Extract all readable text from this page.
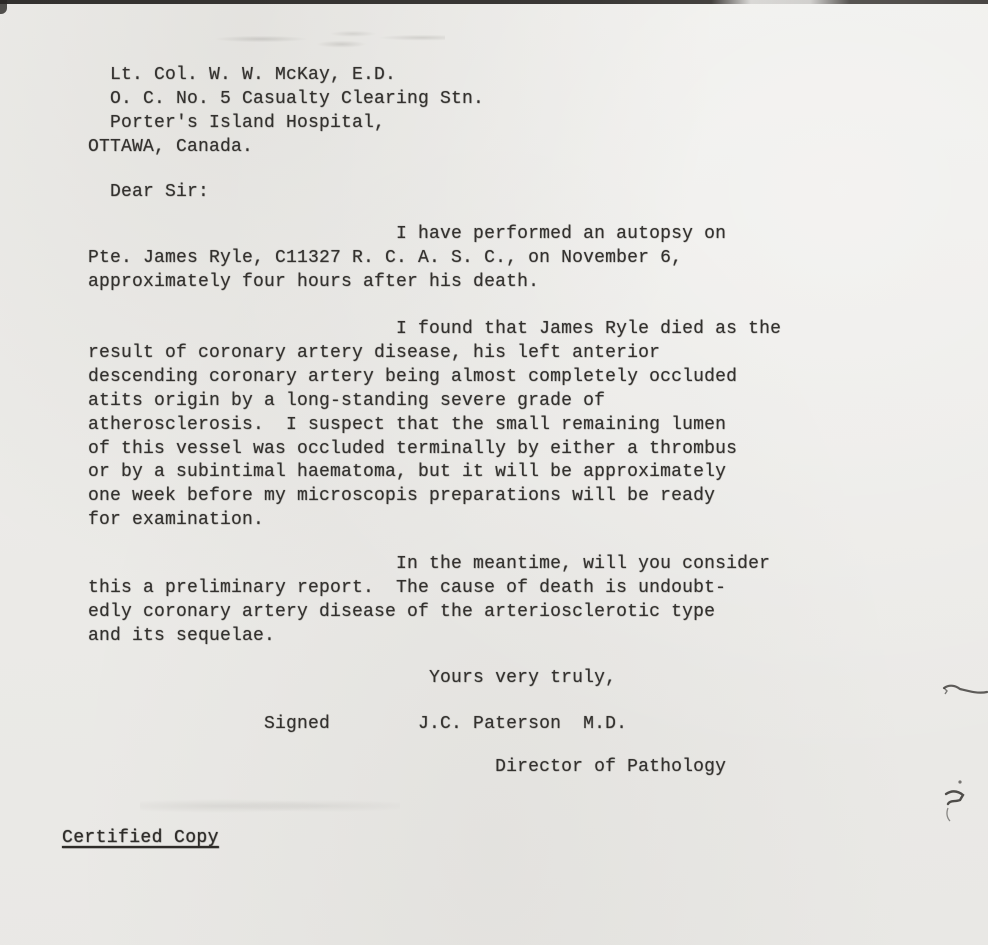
Lt. Col. W. W. McKay, E.D.
O. C. No. 5 Casualty Clearing Stn.
Porter's Island Hospital,
OTTAWA, Canada.
Dear Sir:
I have performed an autopsy on
Pte. James Ryle, C11327 R. C. A. S. C., on November 6,
approximately four hours after his death.
I found that James Ryle died as the
result of coronary artery disease, his left anterior
descending coronary artery being almost completely occluded
atits origin by a long-standing severe grade of
atherosclerosis.  I suspect that the small remaining lumen
of this vessel was occluded terminally by either a thrombus
or by a subintimal haematoma, but it will be approximately
one week before my microscopis preparations will be ready
for examination.
In the meantime, will you consider
this a preliminary report.  The cause of death is undoubt-
edly coronary artery disease of the arteriosclerotic type
and its sequelae.
Yours very truly,
Signed        J.C. Paterson  M.D.
Director of Pathology
Certified Copy
